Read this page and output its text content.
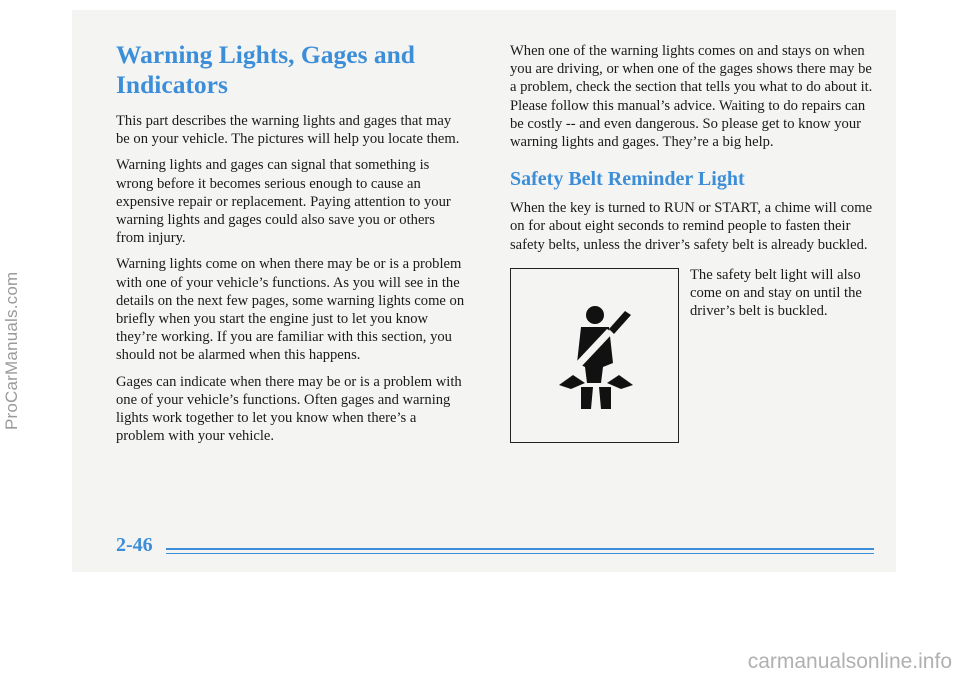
Warning Lights, Gages and Indicators

This part describes the warning lights and gages that may be on your vehicle. The pictures will help you locate them.

Warning lights and gages can signal that something is wrong before it becomes serious enough to cause an expensive repair or replacement. Paying attention to your warning lights and gages could also save you or others from injury.

Warning lights come on when there may be or is a problem with one of your vehicle’s functions. As you will see in the details on the next few pages, some warning lights come on briefly when you start the engine just to let you know they’re working. If you are familiar with this section, you should not be alarmed when this happens.

Gages can indicate when there may be or is a problem with one of your vehicle’s functions. Often gages and warning lights work together to let you know when there’s a problem with your vehicle.

When one of the warning lights comes on and stays on when you are driving, or when one of the gages shows there may be a problem, check the section that tells you what to do about it. Please follow this manual’s advice. Waiting to do repairs can be costly -- and even dangerous. So please get to know your warning lights and gages. They’re a big help.

Safety Belt Reminder Light

When the key is turned to RUN or START, a chime will come on for about eight seconds to remind people to fasten their safety belts, unless the driver’s safety belt is already buckled.

The safety belt light will also come on and stay on until the driver’s belt is buckled.

2-46
ProCarManuals.com
carmanualsonline.info
